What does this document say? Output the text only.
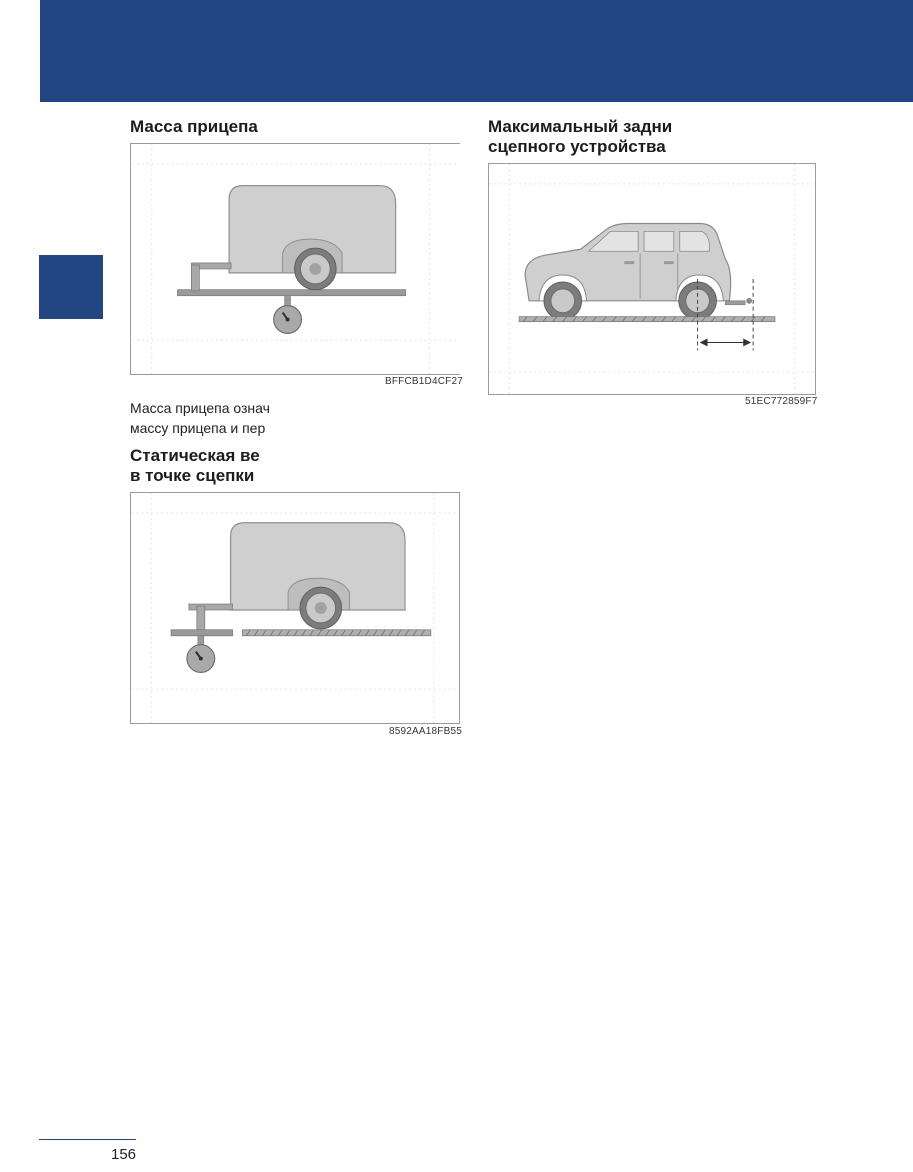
Масса прицепа
BFFCB1D4CF27
Масса прицепа означ
массу прицепа и пер
Статическая ве
в точке сцепки
8592AA18FB55
Максимальный задни
сцепного устройства
51EC772859F7
156
